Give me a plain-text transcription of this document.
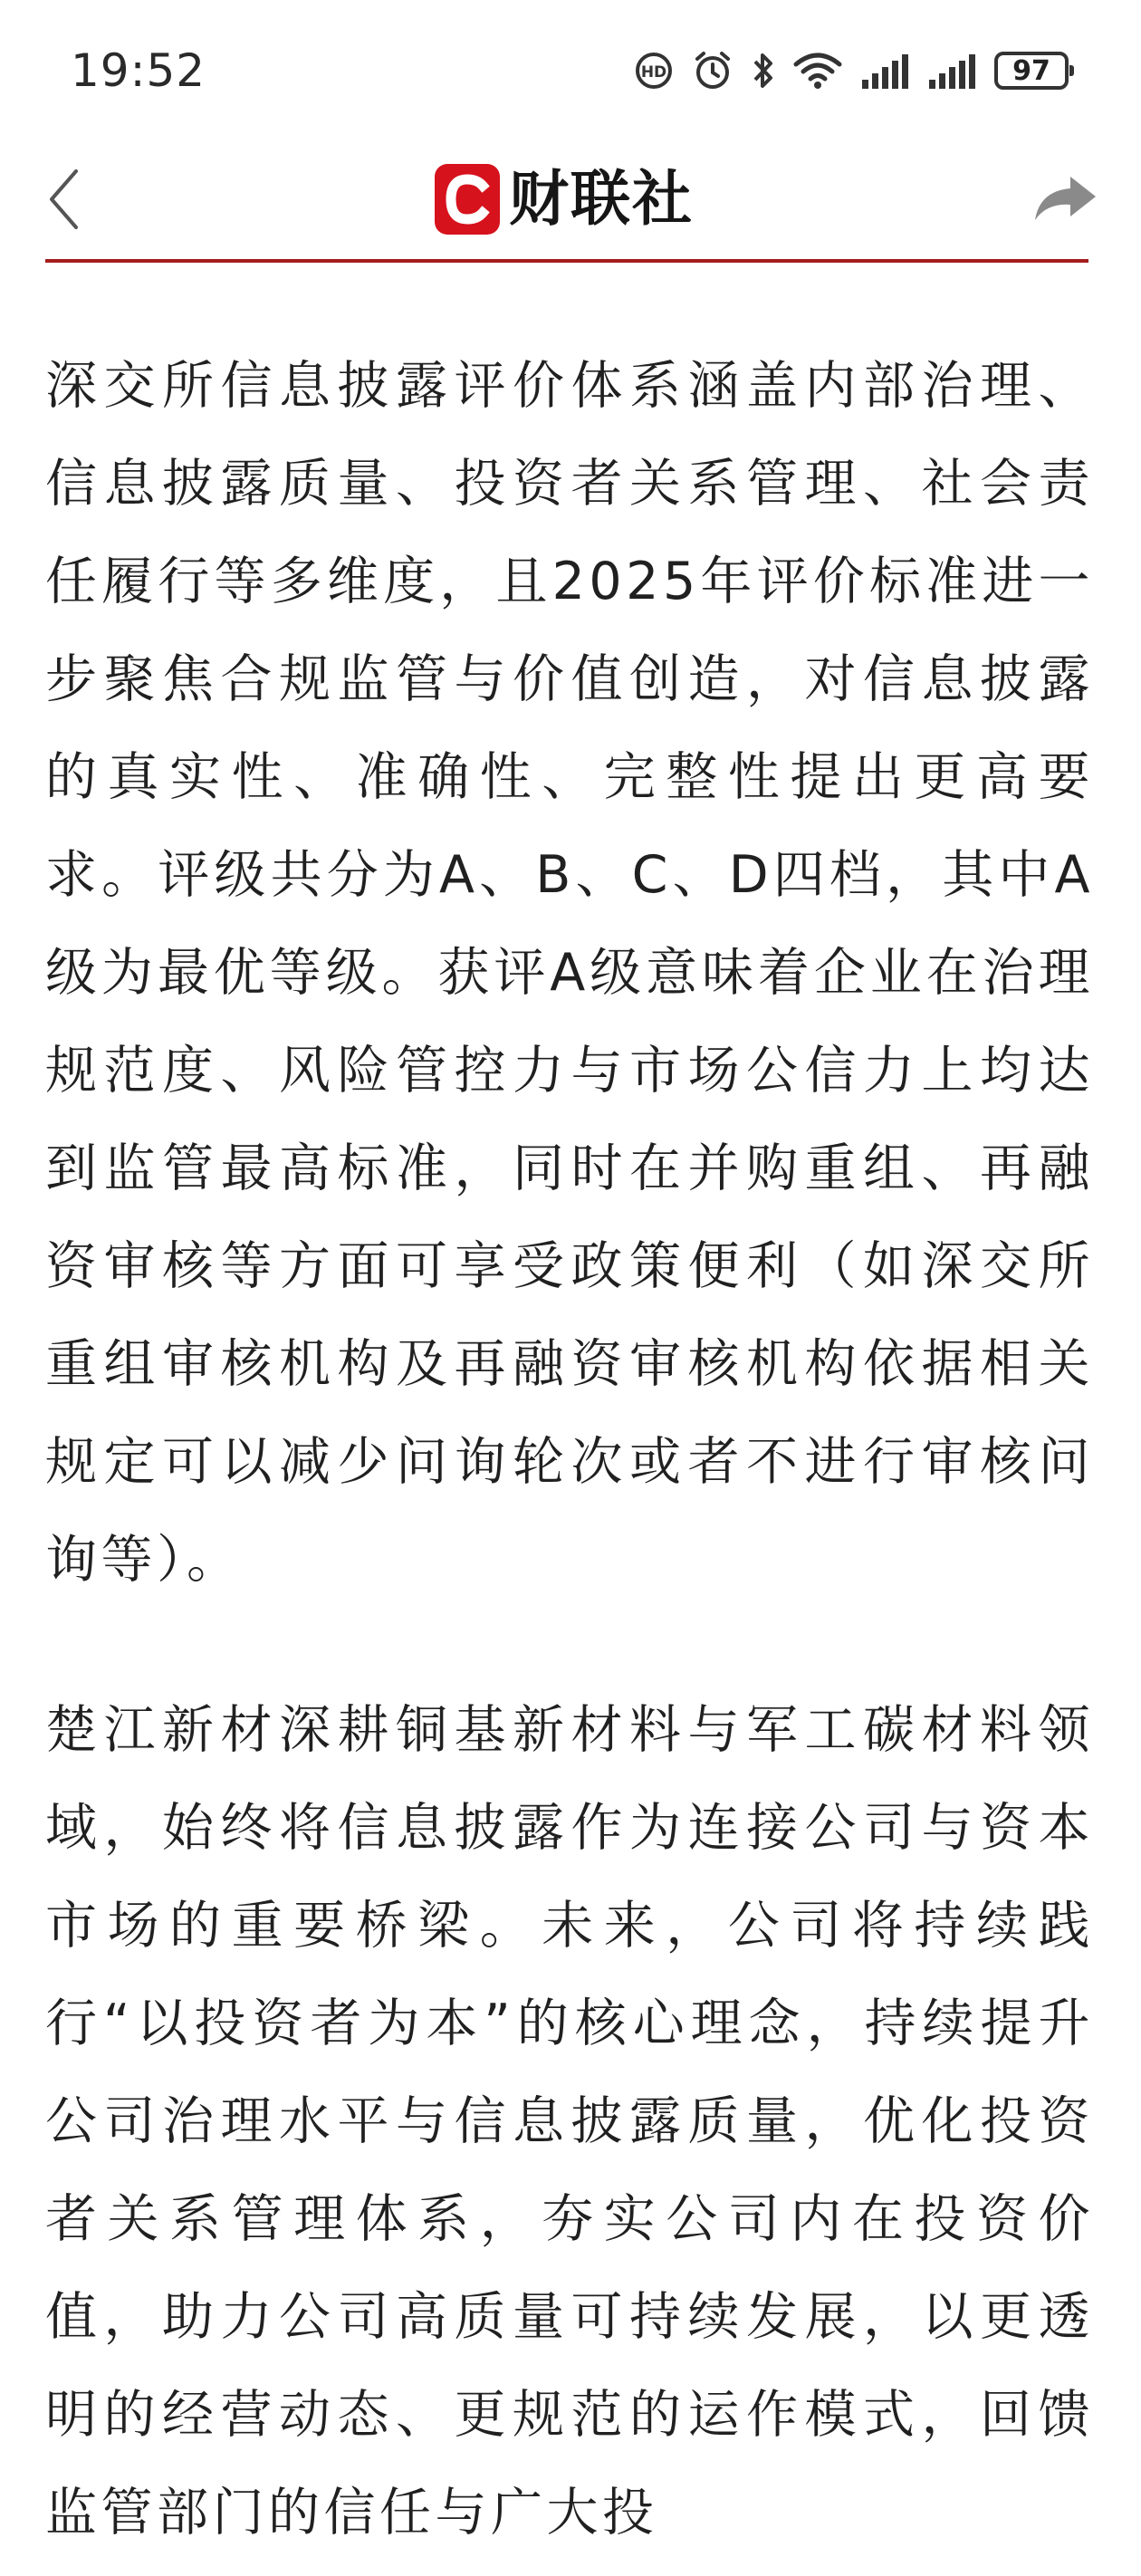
19:52	HD	97
财联社

深交所信息披露评价体系涵盖内部治理、信息披露质量、投资者关系管理、社会责任履行等多维度，且2025年评价标准进一步聚焦合规监管与价值创造，对信息披露的真实性、准确性、完整性提出更高要求。评级共分为A、B、C、D四档，其中A级为最优等级。获评A级意味着企业在治理规范度、风险管控力与市场公信力上均达到监管最高标准，同时在并购重组、再融资审核等方面可享受政策便利（如深交所重组审核机构及再融资审核机构依据相关规定可以减少问询轮次或者不进行审核问询等）。

楚江新材深耕铜基新材料与军工碳材料领域，始终将信息披露作为连接公司与资本市场的重要桥梁。未来，公司将持续践行“以投资者为本”的核心理念，持续提升公司治理水平与信息披露质量，优化投资者关系管理体系，夯实公司内在投资价值，助力公司高质量可持续发展，以更透明的经营动态、更规范的运作模式，回馈监管部门的信任与广大投
